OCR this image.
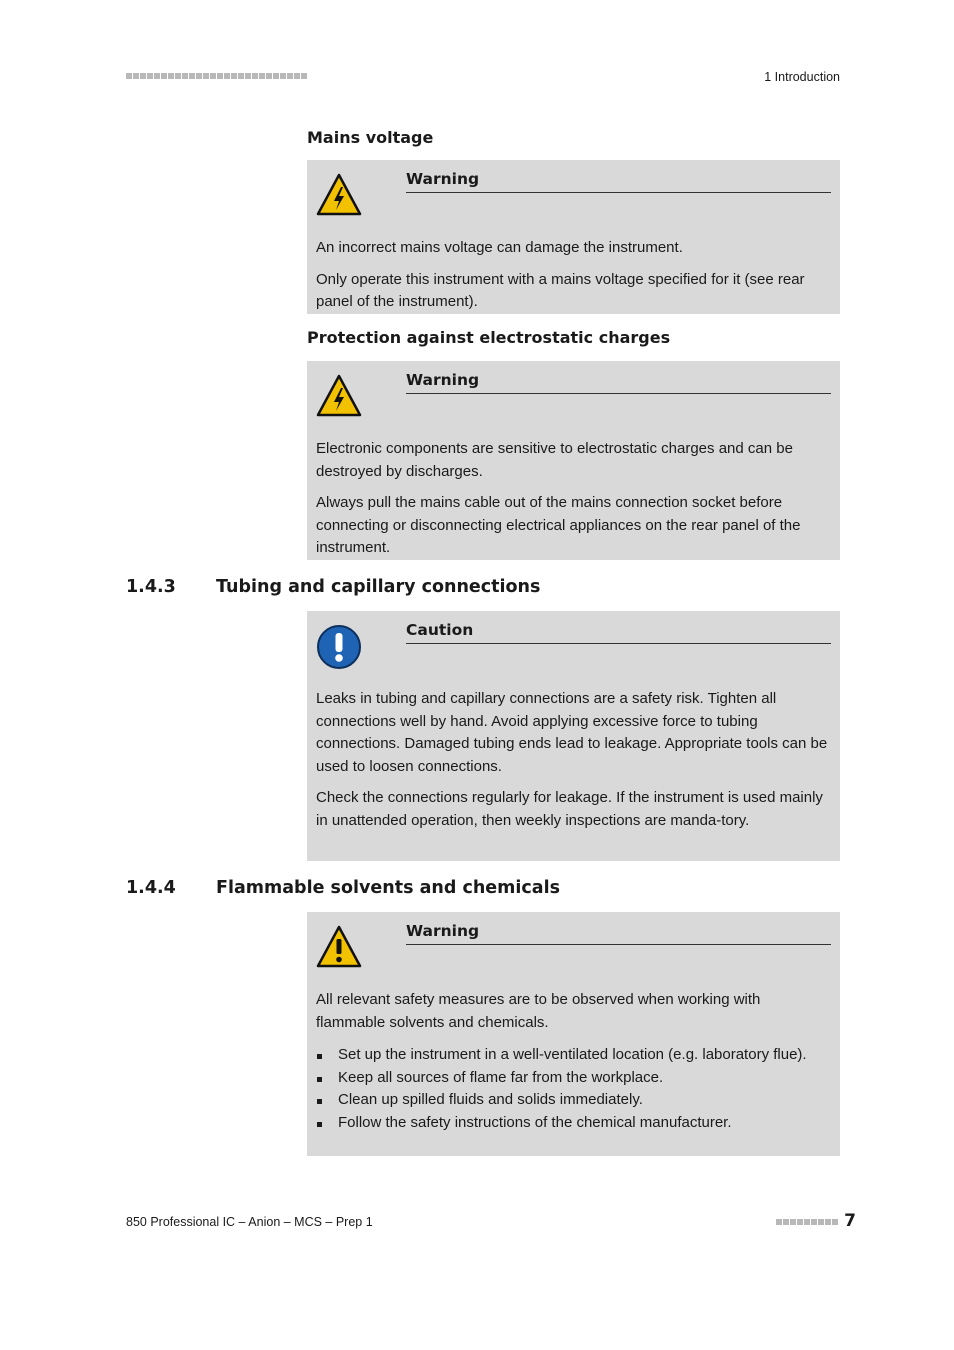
1 Introduction
Mains voltage
Warning

An incorrect mains voltage can damage the instrument.

Only operate this instrument with a mains voltage specified for it (see rear panel of the instrument).

Protection against electrostatic charges
Warning

Electronic components are sensitive to electrostatic charges and can be destroyed by discharges.

Always pull the mains cable out of the mains connection socket before connecting or disconnecting electrical appliances on the rear panel of the instrument.

1.4.3 Tubing and capillary connections
Caution

Leaks in tubing and capillary connections are a safety risk. Tighten all connections well by hand. Avoid applying excessive force to tubing connections. Damaged tubing ends lead to leakage. Appropriate tools can be used to loosen connections.

Check the connections regularly for leakage. If the instrument is used mainly in unattended operation, then weekly inspections are manda-tory.

1.4.4 Flammable solvents and chemicals
Warning

All relevant safety measures are to be observed when working with flammable solvents and chemicals.

Set up the instrument in a well-ventilated location (e.g. laboratory flue).
Keep all sources of flame far from the workplace.
Clean up spilled fluids and solids immediately.
Follow the safety instructions of the chemical manufacturer.
850 Professional IC – Anion – MCS – Prep 1	7
